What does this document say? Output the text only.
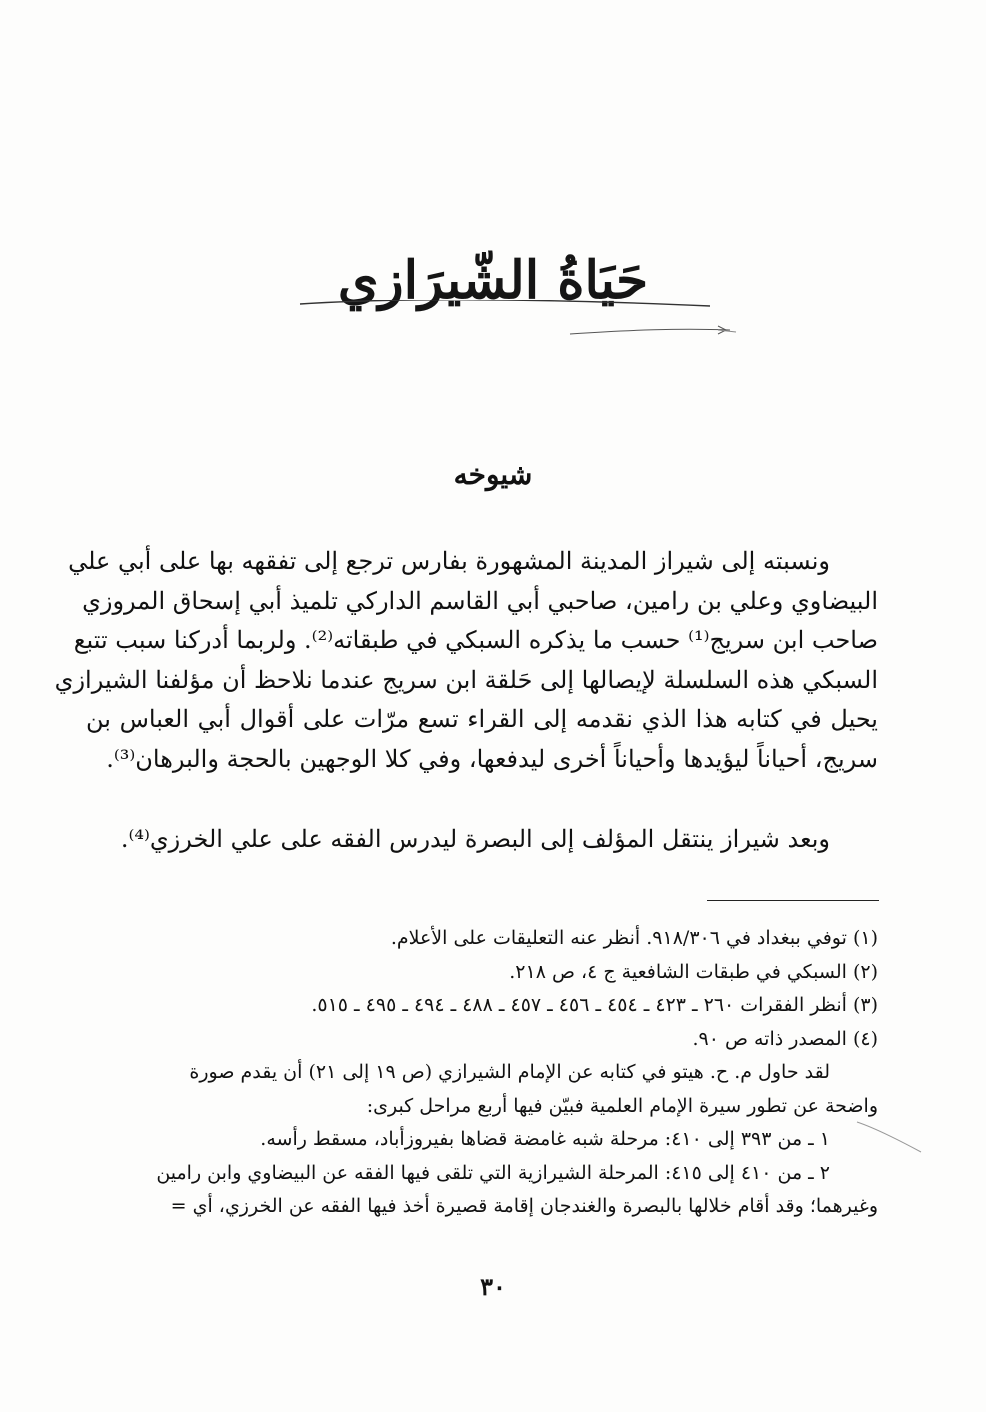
حَيَاةُ الشّيرَازي
شيوخه
ونسبته إلى شيراز المدينة المشهورة بفارس ترجع إلى تفقهه بها على أبي علي
البيضاوي وعلي بن رامين، صاحبي أبي القاسم الداركي تلميذ أبي إسحاق المروزي
صاحب ابن سريج⁽¹⁾ حسب ما يذكره السبكي في طبقاته⁽²⁾. ولربما أدركنا سبب تتبع
السبكي هذه السلسلة لإيصالها إلى حَلقة ابن سريج عندما نلاحظ أن مؤلفنا الشيرازي
يحيل في كتابه هذا الذي نقدمه إلى القراء تسع مرّات على أقوال أبي العباس بن
سريج، أحياناً ليؤيدها وأحياناً أخرى ليدفعها، وفي كلا الوجهين بالحجة والبرهان⁽³⁾.
وبعد شيراز ينتقل المؤلف إلى البصرة ليدرس الفقه على علي الخرزي⁽⁴⁾.
(١) توفي ببغداد في ٩١٨/٣٠٦. أنظر عنه التعليقات على الأعلام.
(٢) السبكي في طبقات الشافعية ج ٤، ص ٢١٨.
(٣) أنظر الفقرات ٢٦٠ ـ ٤٢٣ ـ ٤٥٤ ـ ٤٥٦ ـ ٤٥٧ ـ ٤٨٨ ـ ٤٩٤ ـ ٤٩٥ ـ ٥١٥.
(٤) المصدر ذاته ص ٩٠.
لقد حاول م. ح. هيتو في كتابه عن الإمام الشيرازي (ص ١٩ إلى ٢١) أن يقدم صورة
واضحة عن تطور سيرة الإمام العلمية فبيّن فيها أربع مراحل كبرى:
١ ـ من ٣٩٣ إلى ٤١٠: مرحلة شبه غامضة قضاها بفيروزأباد، مسقط رأسه.
٢ ـ من ٤١٠ إلى ٤١٥: المرحلة الشيرازية التي تلقى فيها الفقه عن البيضاوي وابن رامين
وغيرهما؛ وقد أقام خلالها بالبصرة والغندجان إقامة قصيرة أخذ فيها الفقه عن الخرزي، أي =
٣٠
